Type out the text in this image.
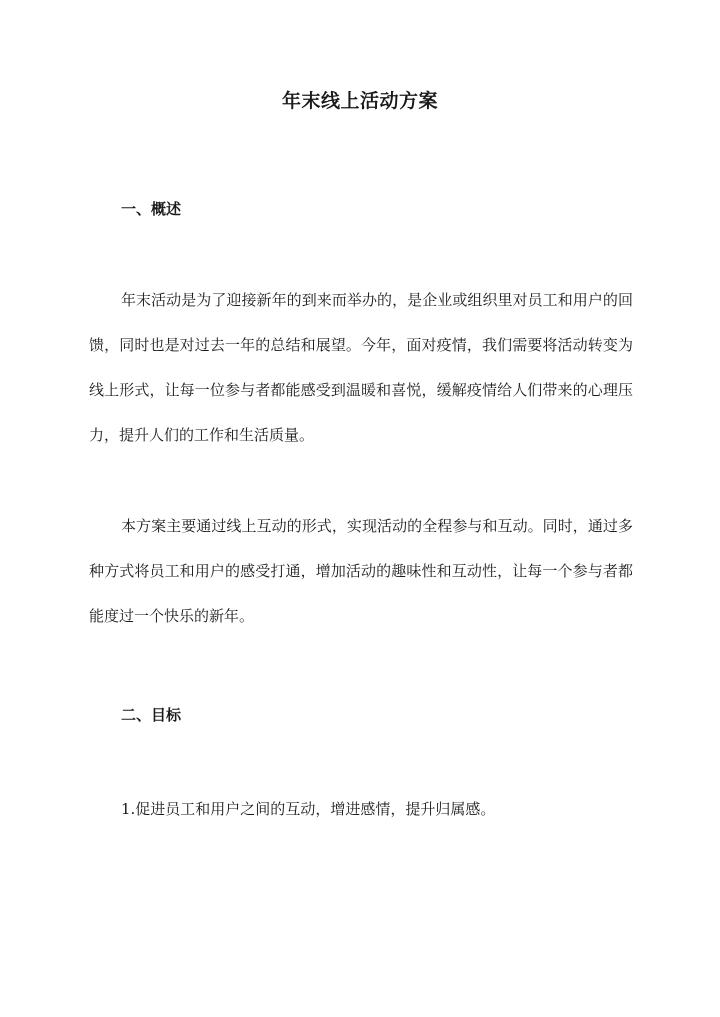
年末线上活动方案
一、概述

年末活动是为了迎接新年的到来而举办的，是企业或组织里对员工和用户的回馈，同时也是对过去一年的总结和展望。今年，面对疫情，我们需要将活动转变为线上形式，让每一位参与者都能感受到温暖和喜悦，缓解疫情给人们带来的心理压力，提升人们的工作和生活质量。

本方案主要通过线上互动的形式，实现活动的全程参与和互动。同时，通过多种方式将员工和用户的感受打通，增加活动的趣味性和互动性，让每一个参与者都能度过一个快乐的新年。

二、目标

1.促进员工和用户之间的互动，增进感情，提升归属感。
